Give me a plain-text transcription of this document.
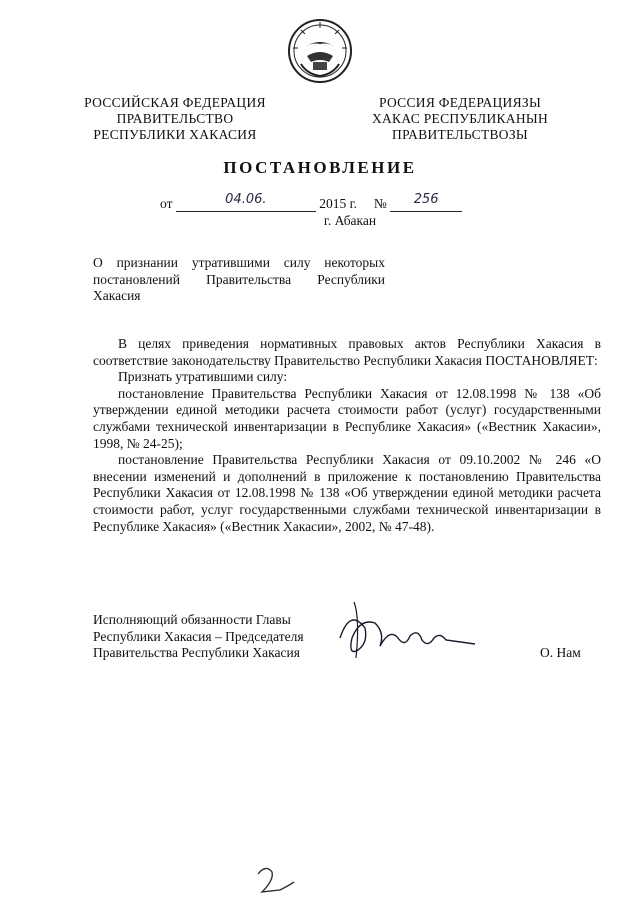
РОССИЙСКАЯ ФЕДЕРАЦИЯ
ПРАВИТЕЛЬСТВО
РЕСПУБЛИКИ ХАКАСИЯ
РОССИЯ ФЕДЕРАЦИЯЗЫ
ХАКАС РЕСПУБЛИКАНЫН
ПРАВИТЕЛЬСТВОЗЫ
ПОСТАНОВЛЕНИЕ
от	04.06.	2015 г. № 256
г. Абакан
О признании утратившими силу некоторых
постановлений Правительства Республики
Хакасия

В целях приведения нормативных правовых актов Республики Хакасия в соответствие законодательству Правительство Республики Хакасия ПОСТАНОВЛЯЕТ:

Признать утратившими силу:

постановление Правительства Республики Хакасия от 12.08.1998 № 138 «Об утверждении единой методики расчета стоимости работ (услуг) государственными службами технической инвентаризации в Республике Хакасия» («Вестник Хакасии», 1998, № 24-25);

постановление Правительства Республики Хакасия от 09.10.2002 № 246 «О внесении изменений и дополнений в приложение к постановлению Правительства Республики Хакасия от 12.08.1998 № 138 «Об утверждении единой методики расчета стоимости работ, услуг государственными службами технической инвентаризации в Республике Хакасия» («Вестник Хакасии», 2002, № 47-48).

Исполняющий обязанности Главы
Республики Хакасия – Председателя
Правительства Республики Хакасия	О. Нам
